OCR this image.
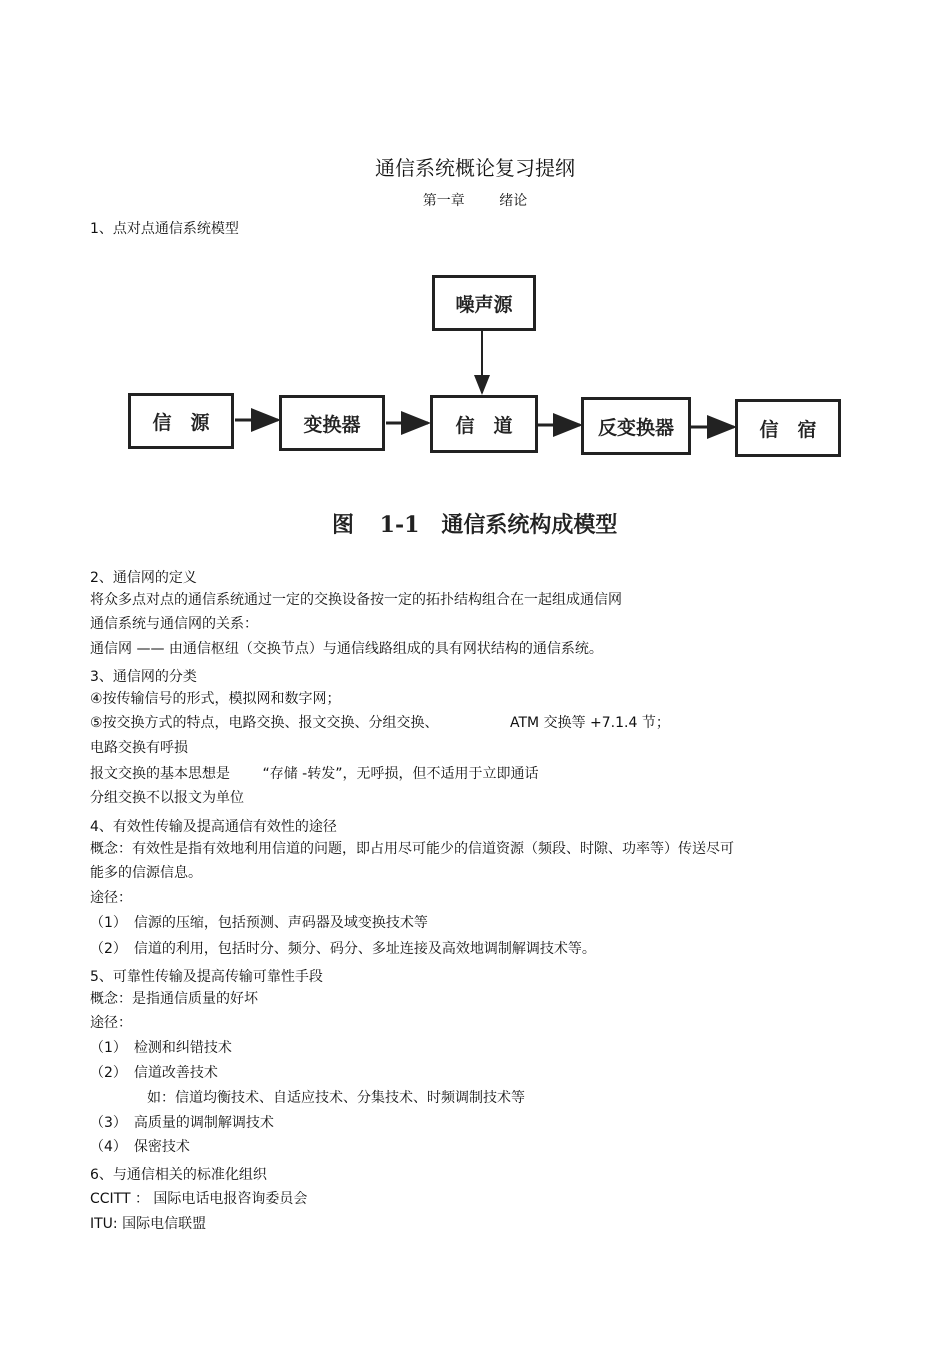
通信系统概论复习提纲
第一章　 绪论
1、点对点通信系统模型
噪声源
信　源	变换器	信　道	反变换器	信　宿
图 1-1　通信系统构成模型
2、通信网的定义
将众多点对点的通信系统通过一定的交换设备按一定的拓扑结构组合在一起组成通信网
通信系统与通信网的关系：
通信网 —— 由通信枢纽（交换节点）与通信线路组成的具有网状结构的通信系统。
3、通信网的分类
④按传输信号的形式，模拟网和数字网；
⑤按交换方式的特点，电路交换、报文交换、分组交换、	ATM 交换等 +7.1.4 节；
电路交换有呼损
报文交换的基本思想是　　 “存储 -转发”，无呼损，但不适用于立即通话
分组交换不以报文为单位
4、有效性传输及提高通信有效性的途径
概念：有效性是指有效地利用信道的问题，即占用尽可能少的信道资源（频段、时隙、功率等）传送尽可
能多的信源信息。
途径：
（1）　信源的压缩，包括预测、声码器及域变换技术等
（2）　信道的利用，包括时分、频分、码分、多址连接及高效地调制解调技术等。
5、可靠性传输及提高传输可靠性手段
概念：是指通信质量的好坏
途径：
（1）　检测和纠错技术
（2）　信道改善技术
如：信道均衡技术、自适应技术、分集技术、时频调制技术等
（3）　高质量的调制解调技术
（4）　保密技术
6、与通信相关的标准化组织
CCITT ： 国际电话电报咨询委员会
ITU: 国际电信联盟
